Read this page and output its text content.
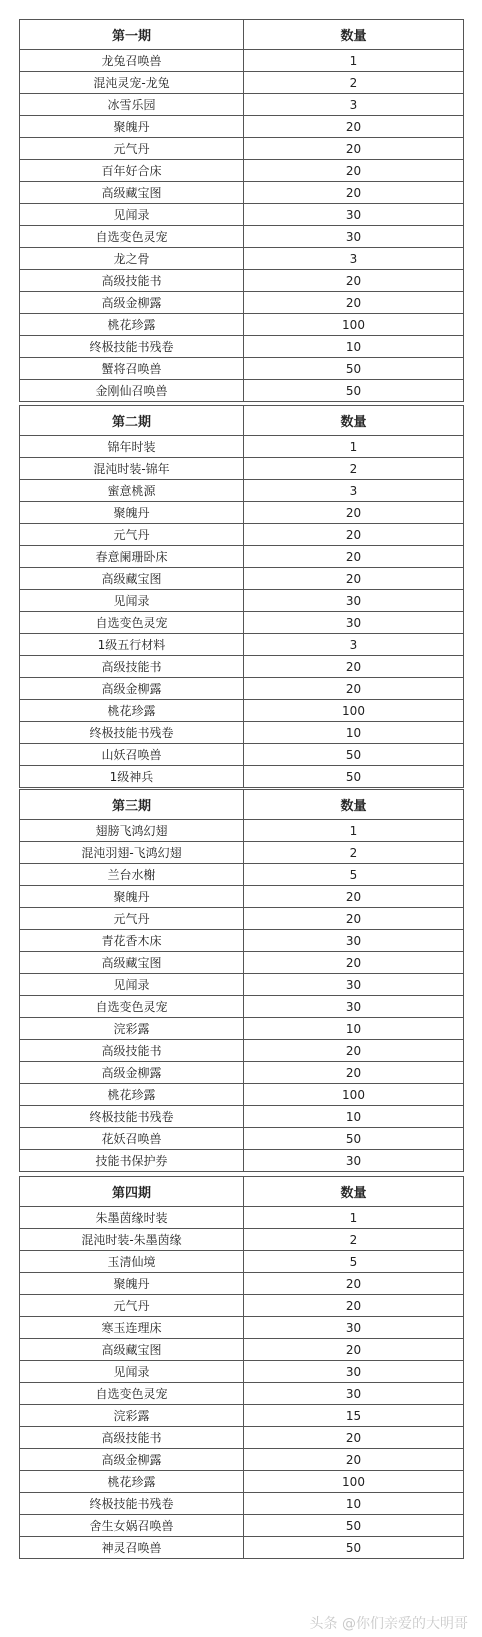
第一期	数量
龙兔召唤兽	1
混沌灵宠-龙兔	2
冰雪乐园	3
聚魄丹	20
元气丹	20
百年好合床	20
高级藏宝图	20
见闻录	30
自选变色灵宠	30
龙之骨	3
高级技能书	20
高级金柳露	20
桃花珍露	100
终极技能书残卷	10
蟹将召唤兽	50
金刚仙召唤兽	50
第二期	数量
锦年时装	1
混沌时装-锦年	2
蜜意桃源	3
聚魄丹	20
元气丹	20
春意阑珊卧床	20
高级藏宝图	20
见闻录	30
自选变色灵宠	30
1级五行材料	3
高级技能书	20
高级金柳露	20
桃花珍露	100
终极技能书残卷	10
山妖召唤兽	50
1级神兵	50
第三期	数量
翅膀飞鸿幻翅	1
混沌羽翅-飞鸿幻翅	2
兰台水榭	5
聚魄丹	20
元气丹	20
青花香木床	30
高级藏宝图	20
见闻录	30
自选变色灵宠	30
浣彩露	10
高级技能书	20
高级金柳露	20
桃花珍露	100
终极技能书残卷	10
花妖召唤兽	50
技能书保护券	30
第四期	数量
朱墨茵缘时装	1
混沌时装-朱墨茵缘	2
玉清仙境	5
聚魄丹	20
元气丹	20
寒玉连理床	30
高级藏宝图	20
见闻录	30
自选变色灵宠	30
浣彩露	15
高级技能书	20
高级金柳露	20
桃花珍露	100
终极技能书残卷	10
舍生女娲召唤兽	50
神灵召唤兽	50
头条 @你们亲爱的大明哥
